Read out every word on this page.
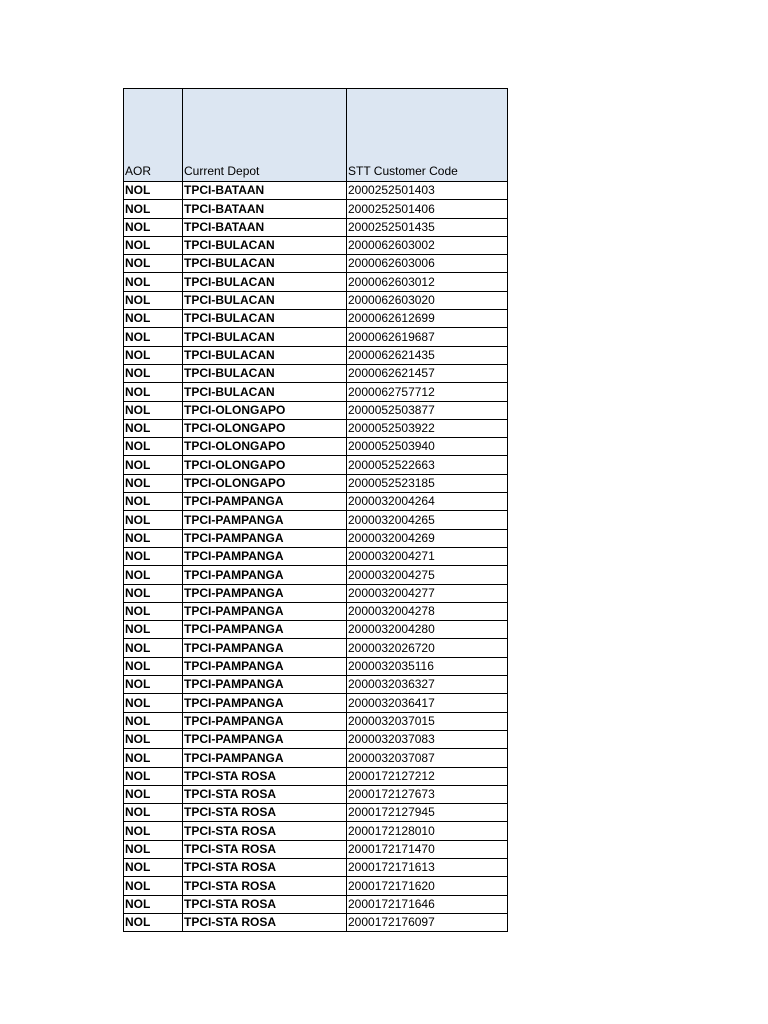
AOR	Current Depot	STT Customer Code
NOL	TPCI-BATAAN	2000252501403
NOL	TPCI-BATAAN	2000252501406
NOL	TPCI-BATAAN	2000252501435
NOL	TPCI-BULACAN	2000062603002
NOL	TPCI-BULACAN	2000062603006
NOL	TPCI-BULACAN	2000062603012
NOL	TPCI-BULACAN	2000062603020
NOL	TPCI-BULACAN	2000062612699
NOL	TPCI-BULACAN	2000062619687
NOL	TPCI-BULACAN	2000062621435
NOL	TPCI-BULACAN	2000062621457
NOL	TPCI-BULACAN	2000062757712
NOL	TPCI-OLONGAPO	2000052503877
NOL	TPCI-OLONGAPO	2000052503922
NOL	TPCI-OLONGAPO	2000052503940
NOL	TPCI-OLONGAPO	2000052522663
NOL	TPCI-OLONGAPO	2000052523185
NOL	TPCI-PAMPANGA	2000032004264
NOL	TPCI-PAMPANGA	2000032004265
NOL	TPCI-PAMPANGA	2000032004269
NOL	TPCI-PAMPANGA	2000032004271
NOL	TPCI-PAMPANGA	2000032004275
NOL	TPCI-PAMPANGA	2000032004277
NOL	TPCI-PAMPANGA	2000032004278
NOL	TPCI-PAMPANGA	2000032004280
NOL	TPCI-PAMPANGA	2000032026720
NOL	TPCI-PAMPANGA	2000032035116
NOL	TPCI-PAMPANGA	2000032036327
NOL	TPCI-PAMPANGA	2000032036417
NOL	TPCI-PAMPANGA	2000032037015
NOL	TPCI-PAMPANGA	2000032037083
NOL	TPCI-PAMPANGA	2000032037087
NOL	TPCI-STA ROSA	2000172127212
NOL	TPCI-STA ROSA	2000172127673
NOL	TPCI-STA ROSA	2000172127945
NOL	TPCI-STA ROSA	2000172128010
NOL	TPCI-STA ROSA	2000172171470
NOL	TPCI-STA ROSA	2000172171613
NOL	TPCI-STA ROSA	2000172171620
NOL	TPCI-STA ROSA	2000172171646
NOL	TPCI-STA ROSA	2000172176097
